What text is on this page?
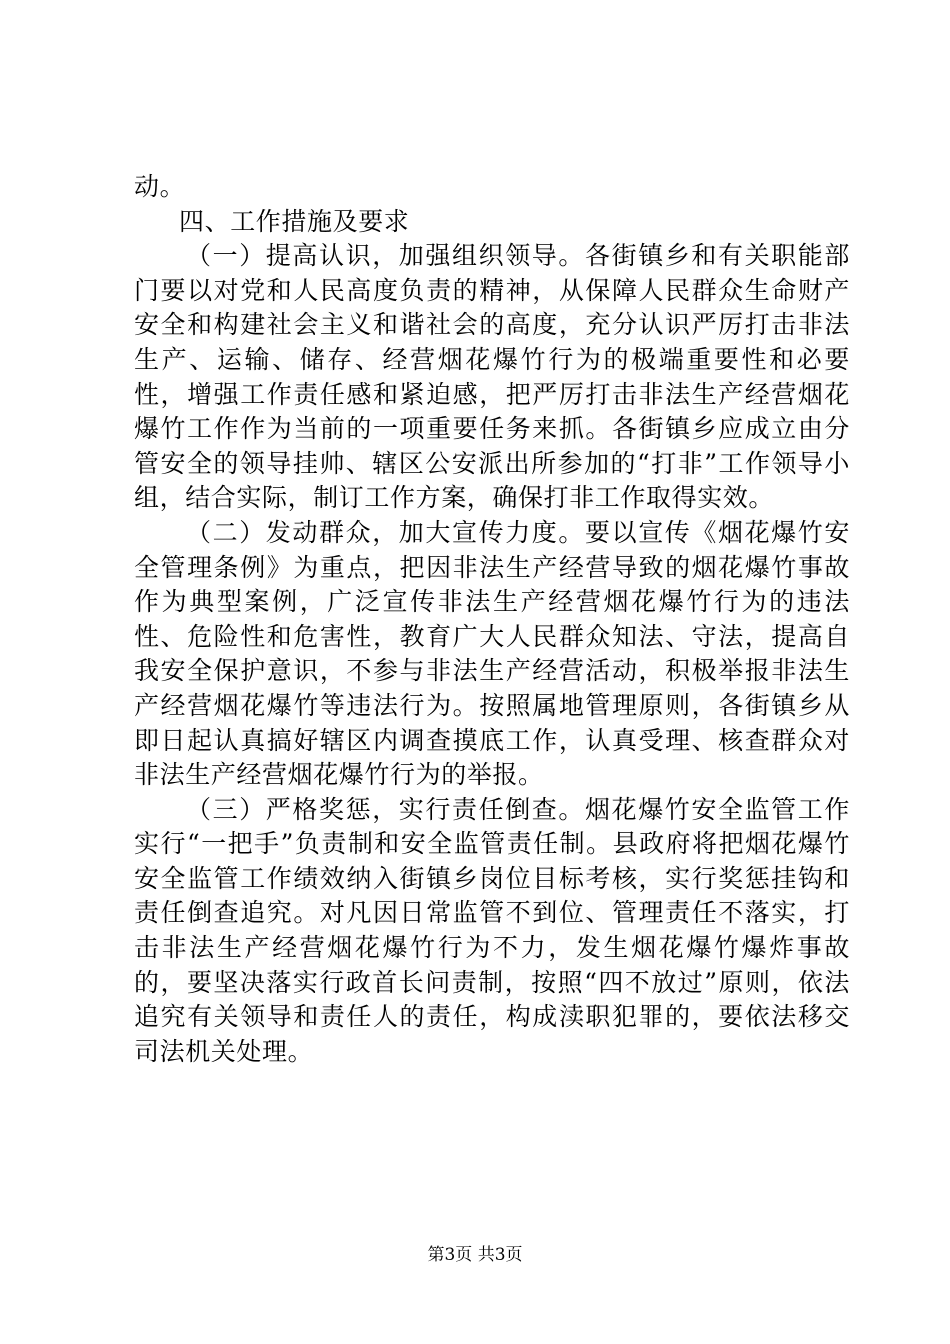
动。

四、工作措施及要求

（一）提高认识，加强组织领导。各街镇乡和有关职能部门要以对党和人民高度负责的精神，从保障人民群众生命财产安全和构建社会主义和谐社会的高度，充分认识严厉打击非法生产、运输、储存、经营烟花爆竹行为的极端重要性和必要性，增强工作责任感和紧迫感，把严厉打击非法生产经营烟花爆竹工作作为当前的一项重要任务来抓。各街镇乡应成立由分管安全的领导挂帅、辖区公安派出所参加的“打非”工作领导小组，结合实际，制订工作方案，确保打非工作取得实效。

（二）发动群众，加大宣传力度。要以宣传《烟花爆竹安全管理条例》为重点，把因非法生产经营导致的烟花爆竹事故作为典型案例，广泛宣传非法生产经营烟花爆竹行为的违法性、危险性和危害性，教育广大人民群众知法、守法，提高自我安全保护意识，不参与非法生产经营活动，积极举报非法生产经营烟花爆竹等违法行为。按照属地管理原则，各街镇乡从即日起认真搞好辖区内调查摸底工作，认真受理、核查群众对非法生产经营烟花爆竹行为的举报。

（三）严格奖惩，实行责任倒查。烟花爆竹安全监管工作实行“一把手”负责制和安全监管责任制。县政府将把烟花爆竹安全监管工作绩效纳入街镇乡岗位目标考核，实行奖惩挂钩和责任倒查追究。对凡因日常监管不到位、管理责任不落实，打击非法生产经营烟花爆竹行为不力，发生烟花爆竹爆炸事故的，要坚决落实行政首长问责制，按照“四不放过”原则，依法追究有关领导和责任人的责任，构成渎职犯罪的，要依法移交司法机关处理。

第3页 共3页
